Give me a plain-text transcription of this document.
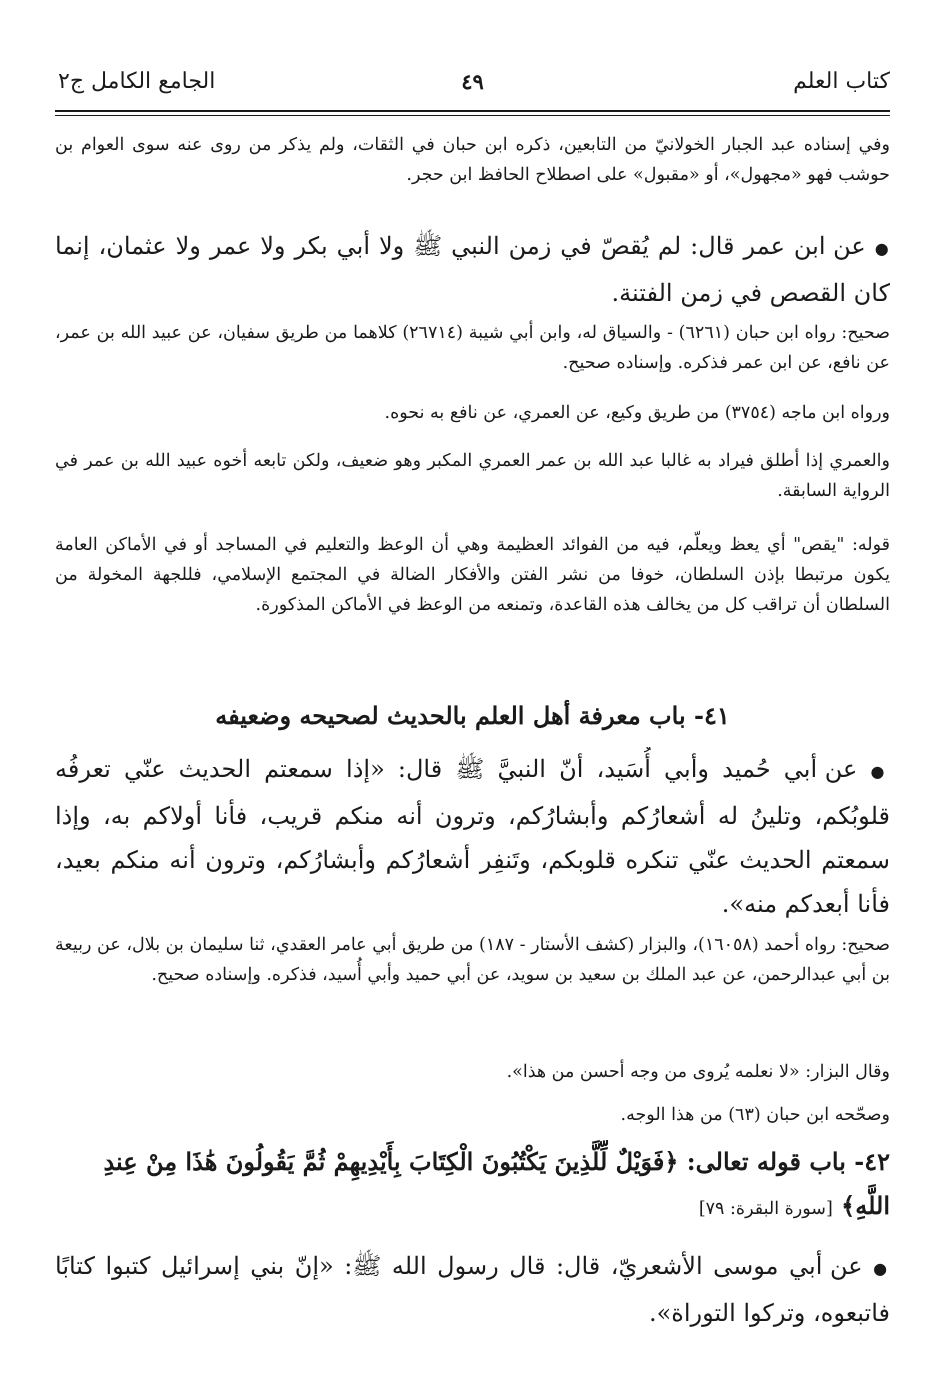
كتاب العلم
٤٩
الجامع الكامل ج٢
وفي إسناده عبد الجبار الخولانيّ من التابعين، ذكره ابن حبان في الثقات، ولم يذكر من روى عنه سوى العوام بن حوشب فهو «مجهول»، أو «مقبول» على اصطلاح الحافظ ابن حجر.
● عن ابن عمر قال: لم يُقصّ في زمن النبي ﷺ ولا أبي بكر ولا عمر ولا عثمان، إنما كان القصص في زمن الفتنة.
صحيح: رواه ابن حبان (٦٢٦١) - والسياق له، وابن أبي شيبة (٢٦٧١٤) كلاهما من طريق سفيان، عن عبيد الله بن عمر، عن نافع، عن ابن عمر فذكره. وإسناده صحيح.
ورواه ابن ماجه (٣٧٥٤) من طريق وكيع، عن العمري، عن نافع به نحوه.
والعمري إذا أطلق فيراد به غالبا عبد الله بن عمر العمري المكبر وهو ضعيف، ولكن تابعه أخوه عبيد الله بن عمر في الرواية السابقة.
قوله: "يقص" أي يعظ ويعلّم، فيه من الفوائد العظيمة وهي أن الوعظ والتعليم في المساجد أو في الأماكن العامة يكون مرتبطا بإذن السلطان، خوفا من نشر الفتن والأفكار الضالة في المجتمع الإسلامي، فللجهة المخولة من السلطان أن تراقب كل من يخالف هذه القاعدة، وتمنعه من الوعظ في الأماكن المذكورة.
٤١- باب معرفة أهل العلم بالحديث لصحيحه وضعيفه
● عن أبي حُميد وأبي أُسَيد، أنّ النبيَّ ﷺ قال: «إذا سمعتم الحديث عنّي تعرفُه قلوبُكم، وتلينُ له أشعارُكم وأبشارُكم، وترون أنه منكم قريب، فأنا أولاكم به، وإذا سمعتم الحديث عنّي تنكره قلوبكم، وتَنفِر أشعارُكم وأبشارُكم، وترون أنه منكم بعيد، فأنا أبعدكم منه».
صحيح: رواه أحمد (١٦٠٥٨)، والبزار (كشف الأستار - ١٨٧) من طريق أبي عامر العقدي، ثنا سليمان بن بلال، عن ربيعة بن أبي عبدالرحمن، عن عبد الملك بن سعيد بن سويد، عن أبي حميد وأبي أُسيد، فذكره. وإسناده صحيح.
وقال البزار: «لا نعلمه يُروى من وجه أحسن من هذا».
وصحّحه ابن حبان (٦٣) من هذا الوجه.
٤٢- باب قوله تعالى: ﴿فَوَيْلٌ لِّلَّذِينَ يَكْتُبُونَ الْكِتَابَ بِأَيْدِيهِمْ ثُمَّ يَقُولُونَ هَٰذَا مِنْ عِندِ اللَّهِ﴾ [سورة البقرة: ٧٩]
● عن أبي موسى الأشعريّ، قال: قال رسول الله ﷺ: «إنّ بني إسرائيل كتبوا كتابًا فاتبعوه، وتركوا التوراة».
